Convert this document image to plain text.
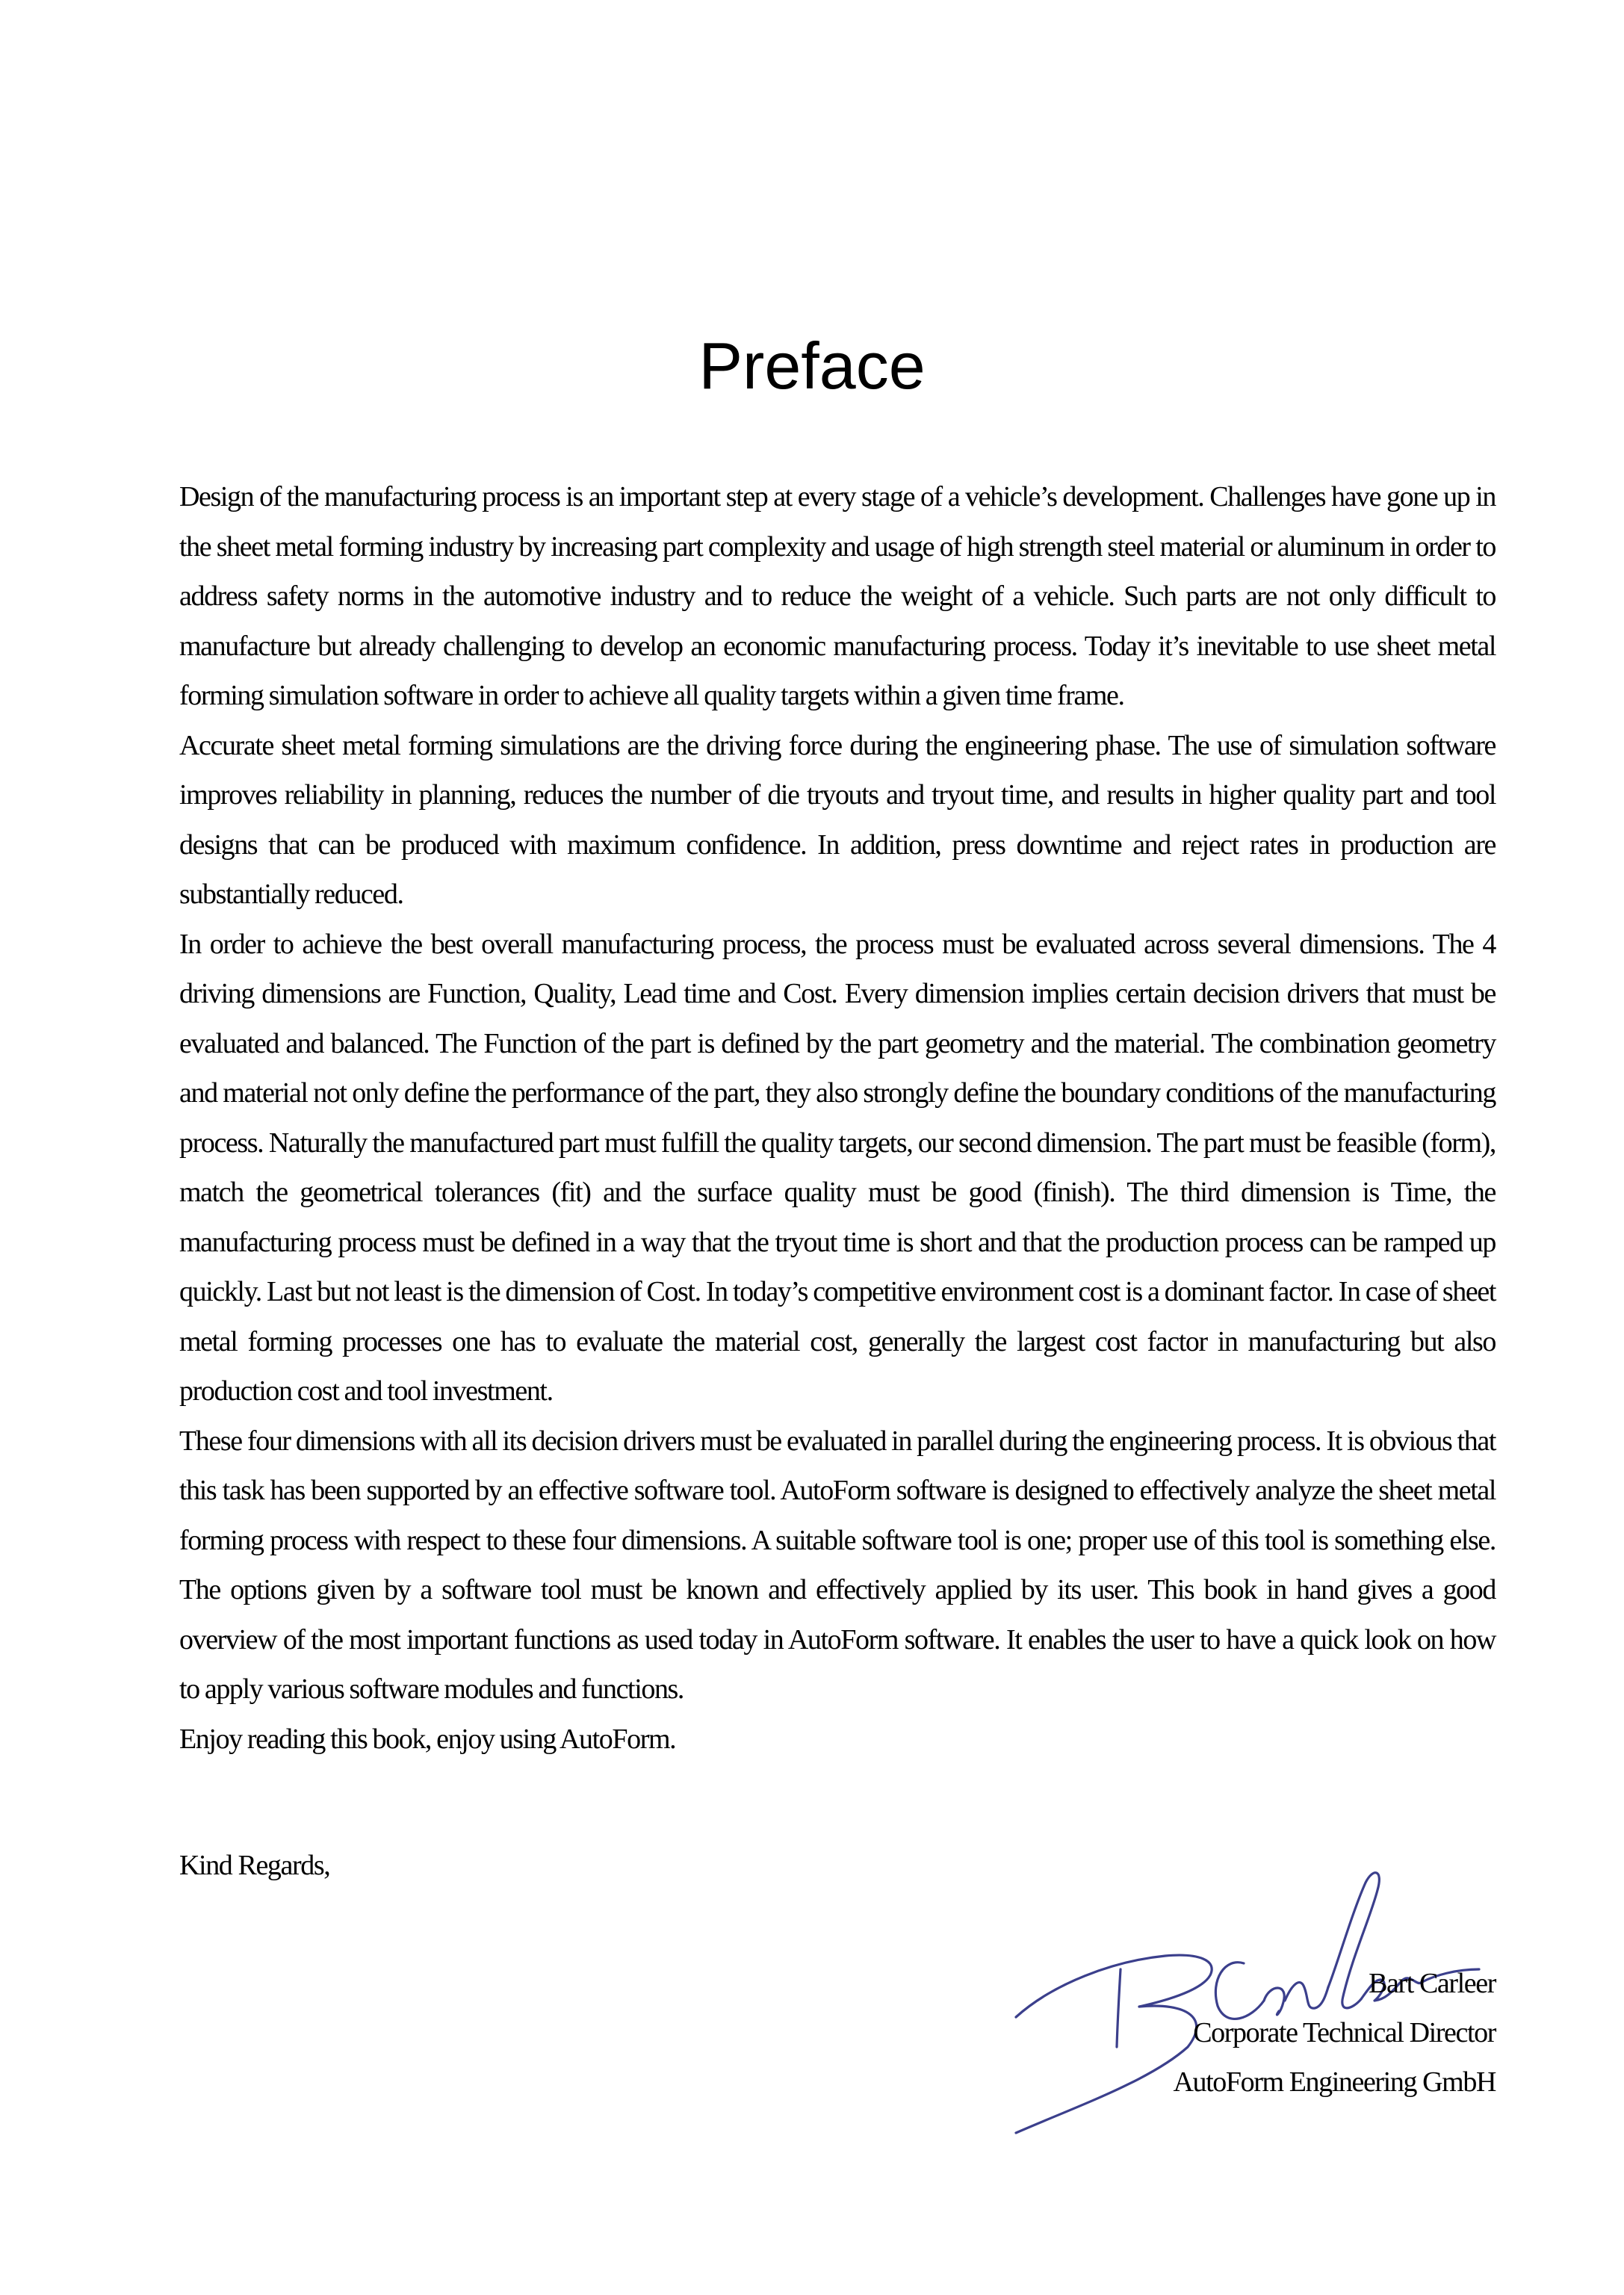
Preface

Design of the manufacturing process is an important step at every stage of a vehicle’s development. Challenges have gone up in the sheet metal forming industry by increasing part complexity and usage of high strength steel material or aluminum in order to address safety norms in the automotive industry and to reduce the weight of a vehicle. Such parts are not only difficult to manufacture but already challenging to develop an economic manufacturing process. Today it’s inevitable to use sheet metal forming simulation software in order to achieve all quality targets within a given time frame.

Accurate sheet metal forming simulations are the driving force during the engineering phase. The use of simulation software improves reliability in planning, reduces the number of die tryouts and tryout time, and results in higher quality part and tool designs that can be produced with maximum confidence. In addition, press downtime and reject rates in production are substantially reduced.

In order to achieve the best overall manufacturing process, the process must be evaluated across several dimensions. The 4 driving dimensions are Function, Quality, Lead time and Cost. Every dimension implies certain decision drivers that must be evaluated and balanced. The Function of the part is defined by the part geometry and the material. The combination geometry and material not only define the performance of the part, they also strongly define the boundary conditions of the manufacturing process. Naturally the manufactured part must fulfill the quality targets, our second dimension. The part must be feasible (form), match the geometrical tolerances (fit) and the surface quality must be good (finish). The third dimension is Time, the manufacturing process must be defined in a way that the tryout time is short and that the production process can be ramped up quickly. Last but not least is the dimension of Cost. In today’s competitive environment cost is a dominant factor. In case of sheet metal forming processes one has to evaluate the material cost, generally the largest cost factor in manufacturing but also production cost and tool investment.

These four dimensions with all its decision drivers must be evaluated in parallel during the engineering process. It is obvious that this task has been supported by an effective software tool. AutoForm software is designed to effectively analyze the sheet metal forming process with respect to these four dimensions. A suitable software tool is one; proper use of this tool is something else. The options given by a software tool must be known and effectively applied by its user. This book in hand gives a good overview of the most important functions as used today in AutoForm software. It enables the user to have a quick look on how to apply various software modules and functions.

Enjoy reading this book, enjoy using AutoForm.

Kind Regards,

Bart Carleer
Corporate Technical Director
AutoForm Engineering GmbH
